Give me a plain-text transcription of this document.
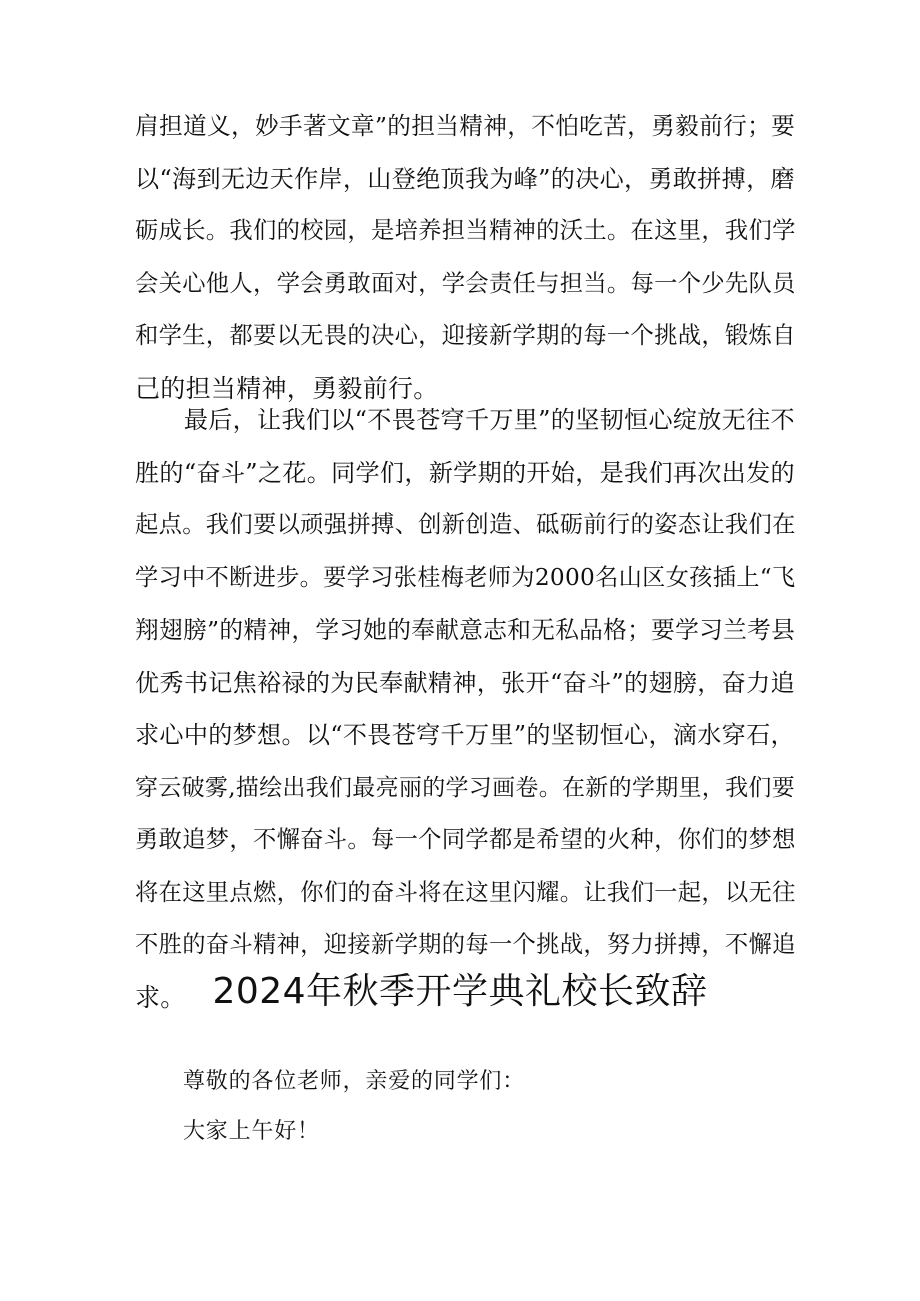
肩担道义，妙手著文章”的担当精神，不怕吃苦，勇毅前行；要
以“海到无边天作岸，山登绝顶我为峰”的决心，勇敢拼搏，磨
砺成长。我们的校园，是培养担当精神的沃土。在这里，我们学
会关心他人，学会勇敢面对，学会责任与担当。每一个少先队员
和学生，都要以无畏的决心，迎接新学期的每一个挑战，锻炼自
己的担当精神，勇毅前行。
　　最后，让我们以“不畏苍穹千万里”的坚韧恒心绽放无往不
胜的“奋斗”之花。同学们，新学期的开始，是我们再次出发的
起点。我们要以顽强拼搏、创新创造、砥砺前行的姿态让我们在
学习中不断进步。要学习张桂梅老师为2000名山区女孩插上“飞
翔翅膀”的精神，学习她的奉献意志和无私品格；要学习兰考县
优秀书记焦裕禄的为民奉献精神，张开“奋斗”的翅膀，奋力追
求心中的梦想。以“不畏苍穹千万里”的坚韧恒心，滴水穿石，
穿云破雾,描绘出我们最亮丽的学习画卷。在新的学期里，我们要
勇敢追梦，不懈奋斗。每一个同学都是希望的火种，你们的梦想
将在这里点燃，你们的奋斗将在这里闪耀。让我们一起，以无往
不胜的奋斗精神，迎接新学期的每一个挑战，努力拼搏，不懈追
求。 2024年秋季开学典礼校长致辞

尊敬的各位老师，亲爱的同学们：

大家上午好！
